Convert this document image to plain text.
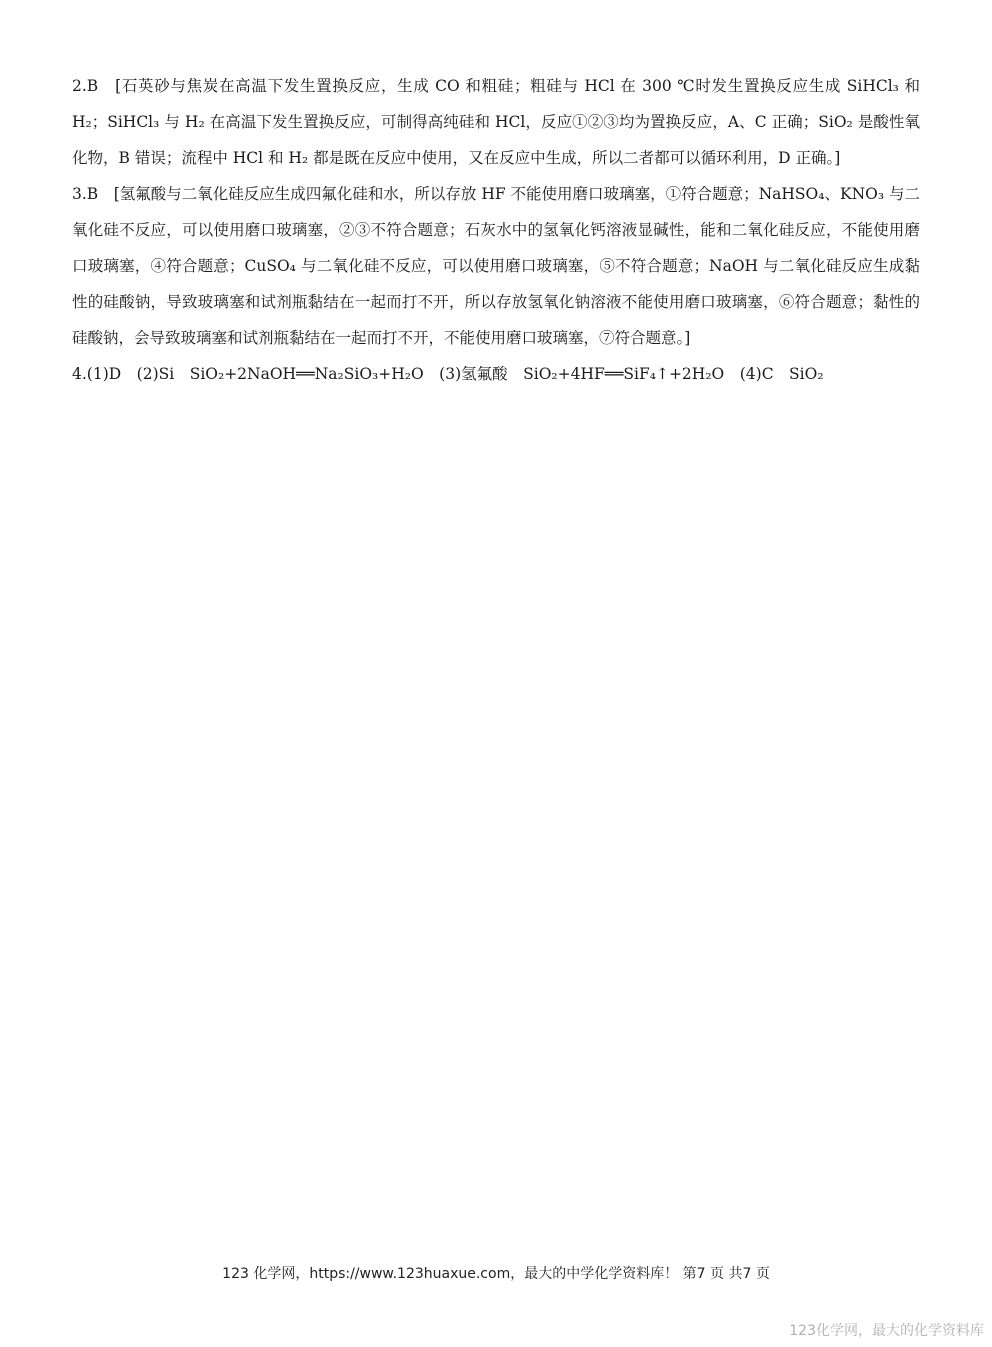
2.B　[石英砂与焦炭在高温下发生置换反应，生成 CO 和粗硅；粗硅与 HCl 在 300 ℃时发生置换反应生成 SiHCl₃ 和 H₂；SiHCl₃ 与 H₂ 在高温下发生置换反应，可制得高纯硅和 HCl，反应①②③均为置换反应，A、C 正确；SiO₂ 是酸性氧化物，B 错误；流程中 HCl 和 H₂ 都是既在反应中使用，又在反应中生成，所以二者都可以循环利用，D 正确。]

3.B　[氢氟酸与二氧化硅反应生成四氟化硅和水，所以存放 HF 不能使用磨口玻璃塞，①符合题意；NaHSO₄、KNO₃ 与二氧化硅不反应，可以使用磨口玻璃塞，②③不符合题意；石灰水中的氢氧化钙溶液显碱性，能和二氧化硅反应，不能使用磨口玻璃塞，④符合题意；CuSO₄ 与二氧化硅不反应，可以使用磨口玻璃塞，⑤不符合题意；NaOH 与二氧化硅反应生成黏性的硅酸钠，导致玻璃塞和试剂瓶黏结在一起而打不开，所以存放氢氧化钠溶液不能使用磨口玻璃塞，⑥符合题意；黏性的硅酸钠，会导致玻璃塞和试剂瓶黏结在一起而打不开，不能使用磨口玻璃塞，⑦符合题意。]

4.(1)D　(2)Si　SiO₂+2NaOH══Na₂SiO₃+H₂O　(3)氢氟酸　SiO₂+4HF══SiF₄↑+2H₂O　(4)C　SiO₂

123 化学网，https://www.123huaxue.com，最大的中学化学资料库！ 第7 页 共7 页
123化学网，最大的化学资料库
